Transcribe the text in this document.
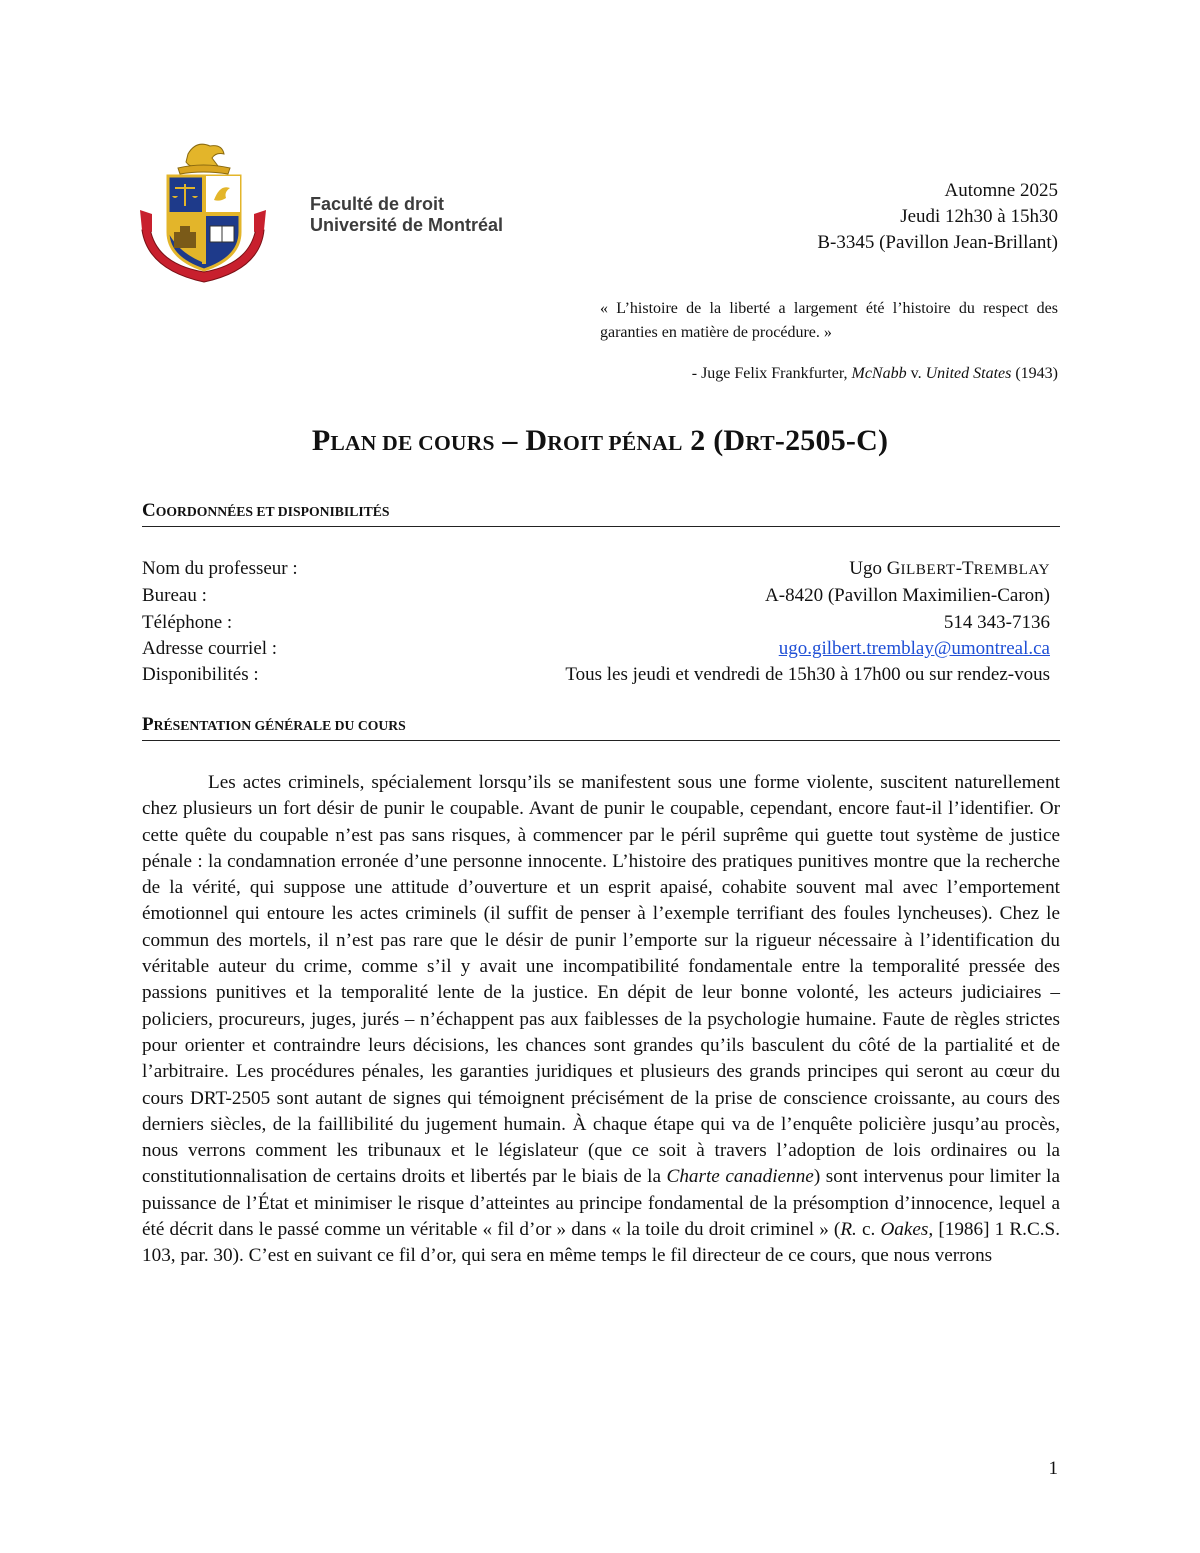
Faculté de droit
Université de Montréal
Automne 2025
Jeudi 12h30 à 15h30
B-3345 (Pavillon Jean-Brillant)
« L’histoire de la liberté a largement été l’histoire du respect des garanties en matière de procédure. »
- Juge Felix Frankfurter, McNabb v. United States (1943)
PLAN DE COURS – DROIT PÉNAL 2 (DRT-2505-C)
COORDONNÉES ET DISPONIBILITÉS
Nom du professeur :	Ugo GILBERT-TREMBLAY
Bureau :	A-8420 (Pavillon Maximilien-Caron)
Téléphone :	514 343-7136
Adresse courriel :	ugo.gilbert.tremblay@umontreal.ca
Disponibilités :	Tous les jeudi et vendredi de 15h30 à 17h00 ou sur rendez-vous
PRÉSENTATION GÉNÉRALE DU COURS

Les actes criminels, spécialement lorsqu’ils se manifestent sous une forme violente, suscitent naturellement chez plusieurs un fort désir de punir le coupable. Avant de punir le coupable, cependant, encore faut-il l’identifier. Or cette quête du coupable n’est pas sans risques, à commencer par le péril suprême qui guette tout système de justice pénale : la condamnation erronée d’une personne innocente. L’histoire des pratiques punitives montre que la recherche de la vérité, qui suppose une attitude d’ouverture et un esprit apaisé, cohabite souvent mal avec l’emportement émotionnel qui entoure les actes criminels (il suffit de penser à l’exemple terrifiant des foules lyncheuses). Chez le commun des mortels, il n’est pas rare que le désir de punir l’emporte sur la rigueur nécessaire à l’identification du véritable auteur du crime, comme s’il y avait une incompatibilité fondamentale entre la temporalité pressée des passions punitives et la temporalité lente de la justice. En dépit de leur bonne volonté, les acteurs judiciaires – policiers, procureurs, juges, jurés – n’échappent pas aux faiblesses de la psychologie humaine. Faute de règles strictes pour orienter et contraindre leurs décisions, les chances sont grandes qu’ils basculent du côté de la partialité et de l’arbitraire. Les procédures pénales, les garanties juridiques et plusieurs des grands principes qui seront au cœur du cours DRT-2505 sont autant de signes qui témoignent précisément de la prise de conscience croissante, au cours des derniers siècles, de la faillibilité du jugement humain. À chaque étape qui va de l’enquête policière jusqu’au procès, nous verrons comment les tribunaux et le législateur (que ce soit à travers l’adoption de lois ordinaires ou la constitutionnalisation de certains droits et libertés par le biais de la Charte canadienne) sont intervenus pour limiter la puissance de l’État et minimiser le risque d’atteintes au principe fondamental de la présomption d’innocence, lequel a été décrit dans le passé comme un véritable « fil d’or » dans « la toile du droit criminel » (R. c. Oakes, [1986] 1 R.C.S. 103, par. 30). C’est en suivant ce fil d’or, qui sera en même temps le fil directeur de ce cours, que nous verrons

1
